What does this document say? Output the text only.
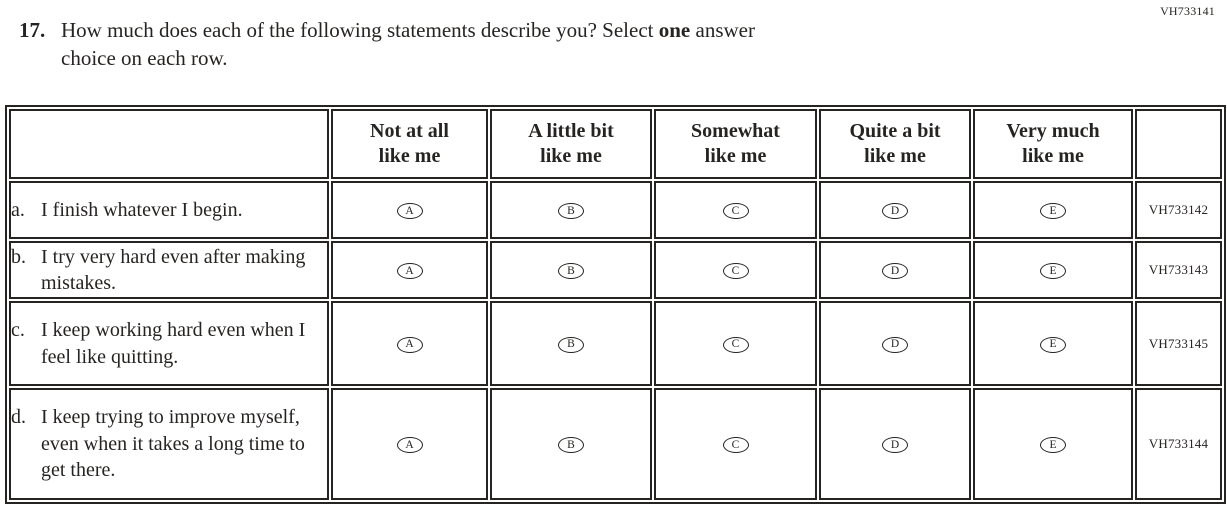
VH733141
17. How much does each of the following statements describe you? Select one answer
choice on each row.
	Not at all
like me	A little bit
like me	Somewhat
like me	Quite a bit
like me	Very much
like me	

a. I finish whatever I begin.	A	B	C	D	E	VH733142

b. I try very hard even after making mistakes.	A	B	C	D	E	VH733143

c. I keep working hard even when I feel like quitting.	A	B	C	D	E	VH733145

d. I keep trying to improve myself, even when it takes a long time to get there.	A	B	C	D	E	VH733144
